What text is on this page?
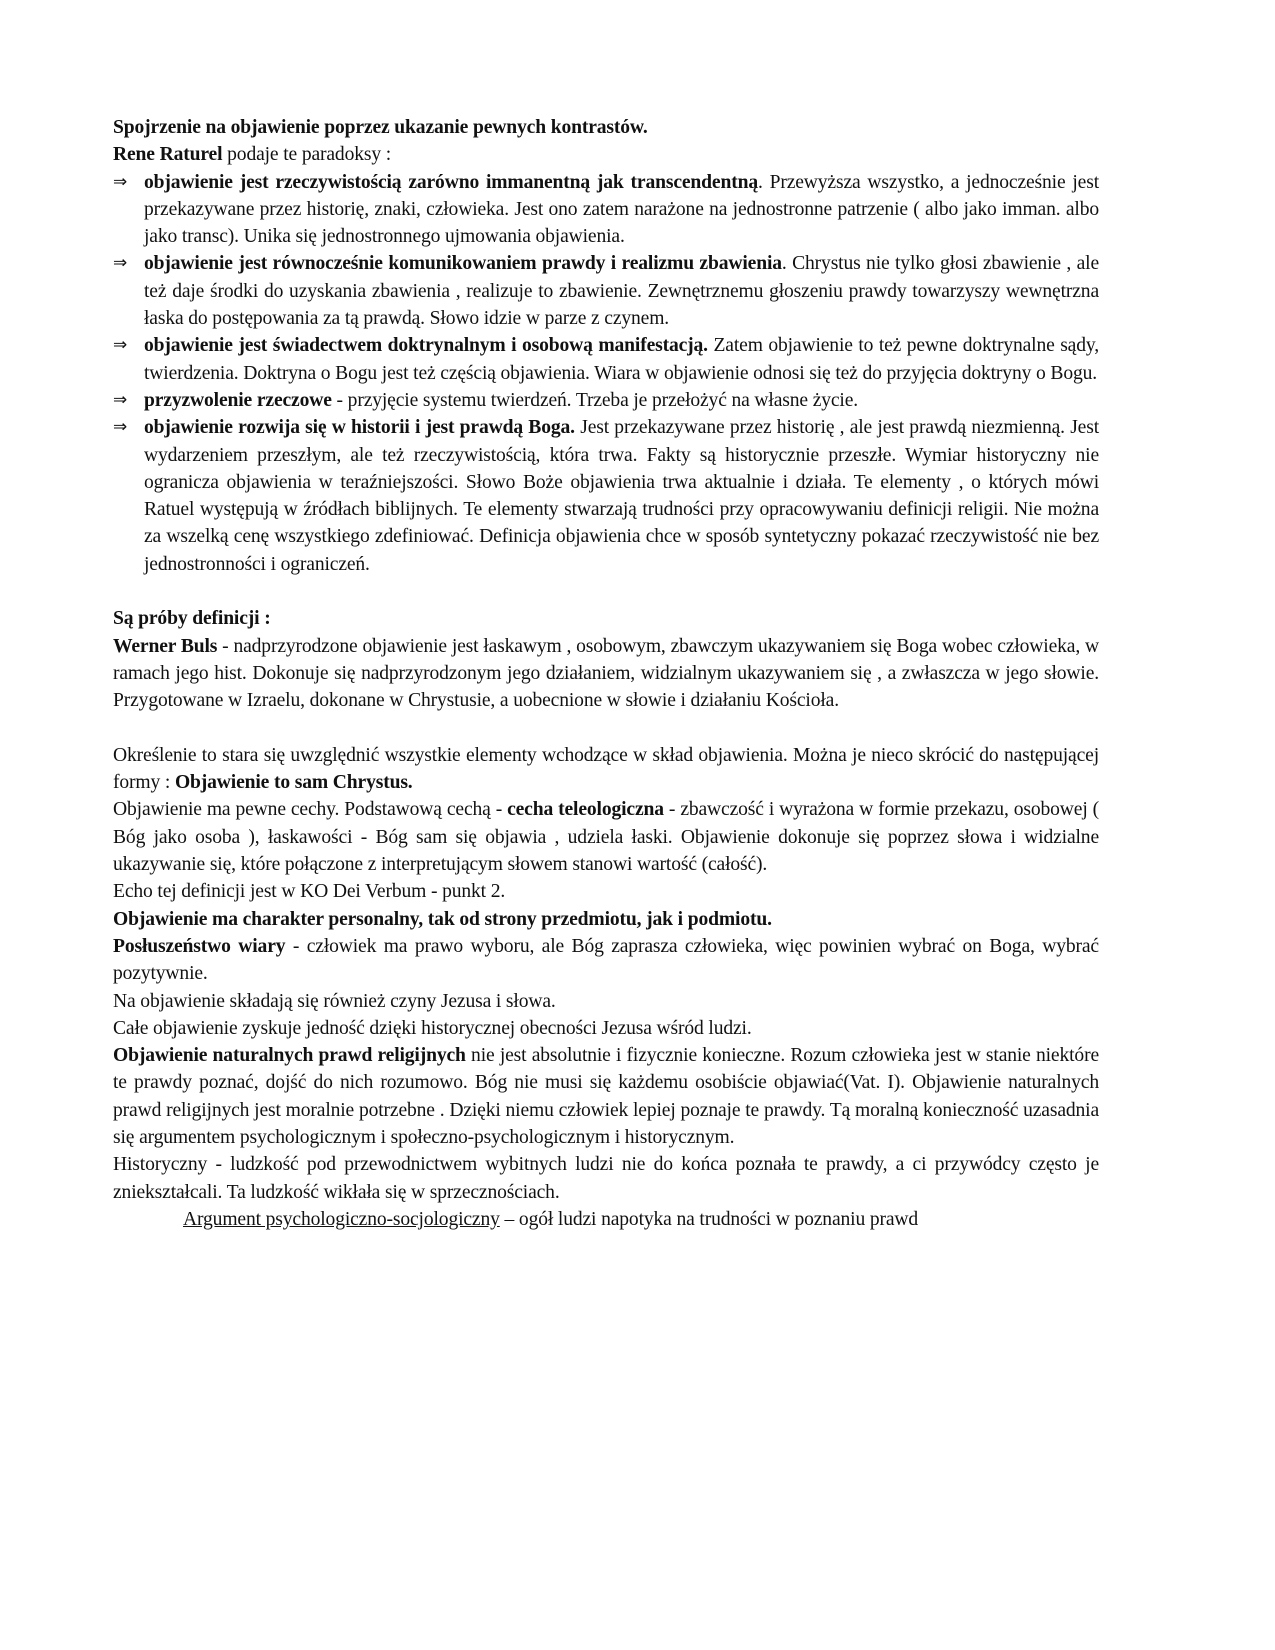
Spojrzenie na objawienie poprzez ukazanie pewnych kontrastów.
Rene Raturel podaje te paradoksy :
⇒ objawienie jest rzeczywistością zarówno immanentną jak transcendentną. Przewyższa wszystko, a jednocześnie jest przekazywane przez historię, znaki, człowieka. Jest ono zatem narażone na jednostronne patrzenie ( albo jako imman. albo jako transc). Unika się jednostronnego ujmowania objawienia.
⇒ objawienie jest równocześnie komunikowaniem prawdy i realizmu zbawienia. Chrystus nie tylko głosi zbawienie , ale też daje środki do uzyskania zbawienia , realizuje to zbawienie. Zewnętrznemu głoszeniu prawdy towarzyszy wewnętrzna łaska do postępowania za tą prawdą. Słowo idzie w parze z czynem.
⇒ objawienie jest świadectwem doktrynalnym i osobową manifestacją. Zatem objawienie to też pewne doktrynalne sądy, twierdzenia. Doktryna o Bogu jest też częścią objawienia. Wiara w objawienie odnosi się też do przyjęcia doktryny o Bogu.
⇒ przyzwolenie rzeczowe - przyjęcie systemu twierdzeń. Trzeba je przełożyć na własne życie.
⇒ objawienie rozwija się w historii i jest prawdą Boga. Jest przekazywane przez historię , ale jest prawdą niezmienną. Jest wydarzeniem przeszłym, ale też rzeczywistością, która trwa. Fakty są historycznie przeszłe. Wymiar historyczny nie ogranicza objawienia w teraźniejszości. Słowo Boże objawienia trwa aktualnie i działa. Te elementy , o których mówi Ratuel występują w źródłach biblijnych. Te elementy stwarzają trudności przy opracowywaniu definicji religii. Nie można za wszelką cenę wszystkiego zdefiniować. Definicja objawienia chce w sposób syntetyczny pokazać rzeczywistość nie bez jednostronności i ograniczeń.
Są próby definicji :
Werner Buls - nadprzyrodzone objawienie jest łaskawym , osobowym, zbawczym ukazywaniem się Boga wobec człowieka, w ramach jego hist. Dokonuje się nadprzyrodzonym jego działaniem, widzialnym ukazywaniem się , a zwłaszcza w jego słowie. Przygotowane w Izraelu, dokonane w Chrystusie, a uobecnione w słowie i działaniu Kościoła.
Określenie to stara się uwzględnić wszystkie elementy wchodzące w skład objawienia. Można je nieco skrócić do następującej formy : Objawienie to sam Chrystus.
Objawienie ma pewne cechy. Podstawową cechą - cecha teleologiczna - zbawczość i wyrażona w formie przekazu, osobowej ( Bóg jako osoba ), łaskawości - Bóg sam się objawia , udziela łaski. Objawienie dokonuje się poprzez słowa i widzialne ukazywanie się, które połączone z interpretującym słowem stanowi wartość (całość).
Echo tej definicji jest w KO Dei Verbum - punkt 2.
Objawienie ma charakter personalny, tak od strony przedmiotu, jak i podmiotu.
Posłuszeństwo wiary - człowiek ma prawo wyboru, ale Bóg zaprasza człowieka, więc powinien wybrać on Boga, wybrać pozytywnie.
Na objawienie składają się również czyny Jezusa i słowa.
Całe objawienie zyskuje jedność dzięki historycznej obecności Jezusa wśród ludzi.
Objawienie naturalnych prawd religijnych nie jest absolutnie i fizycznie konieczne. Rozum człowieka jest w stanie niektóre te prawdy poznać, dojść do nich rozumowo. Bóg nie musi się każdemu osobiście objawiać(Vat. I). Objawienie naturalnych prawd religijnych jest moralnie potrzebne . Dzięki niemu człowiek lepiej poznaje te prawdy. Tą moralną konieczność uzasadnia się argumentem psychologicznym i społeczno-psychologicznym i historycznym.
Historyczny - ludzkość pod przewodnictwem wybitnych ludzi nie do końca poznała te prawdy, a ci przywódcy często je zniekształcali. Ta ludzkość wikłała się w sprzecznościach.
Argument psychologiczno-socjologiczny – ogół ludzi napotyka na trudności w poznaniu prawd
